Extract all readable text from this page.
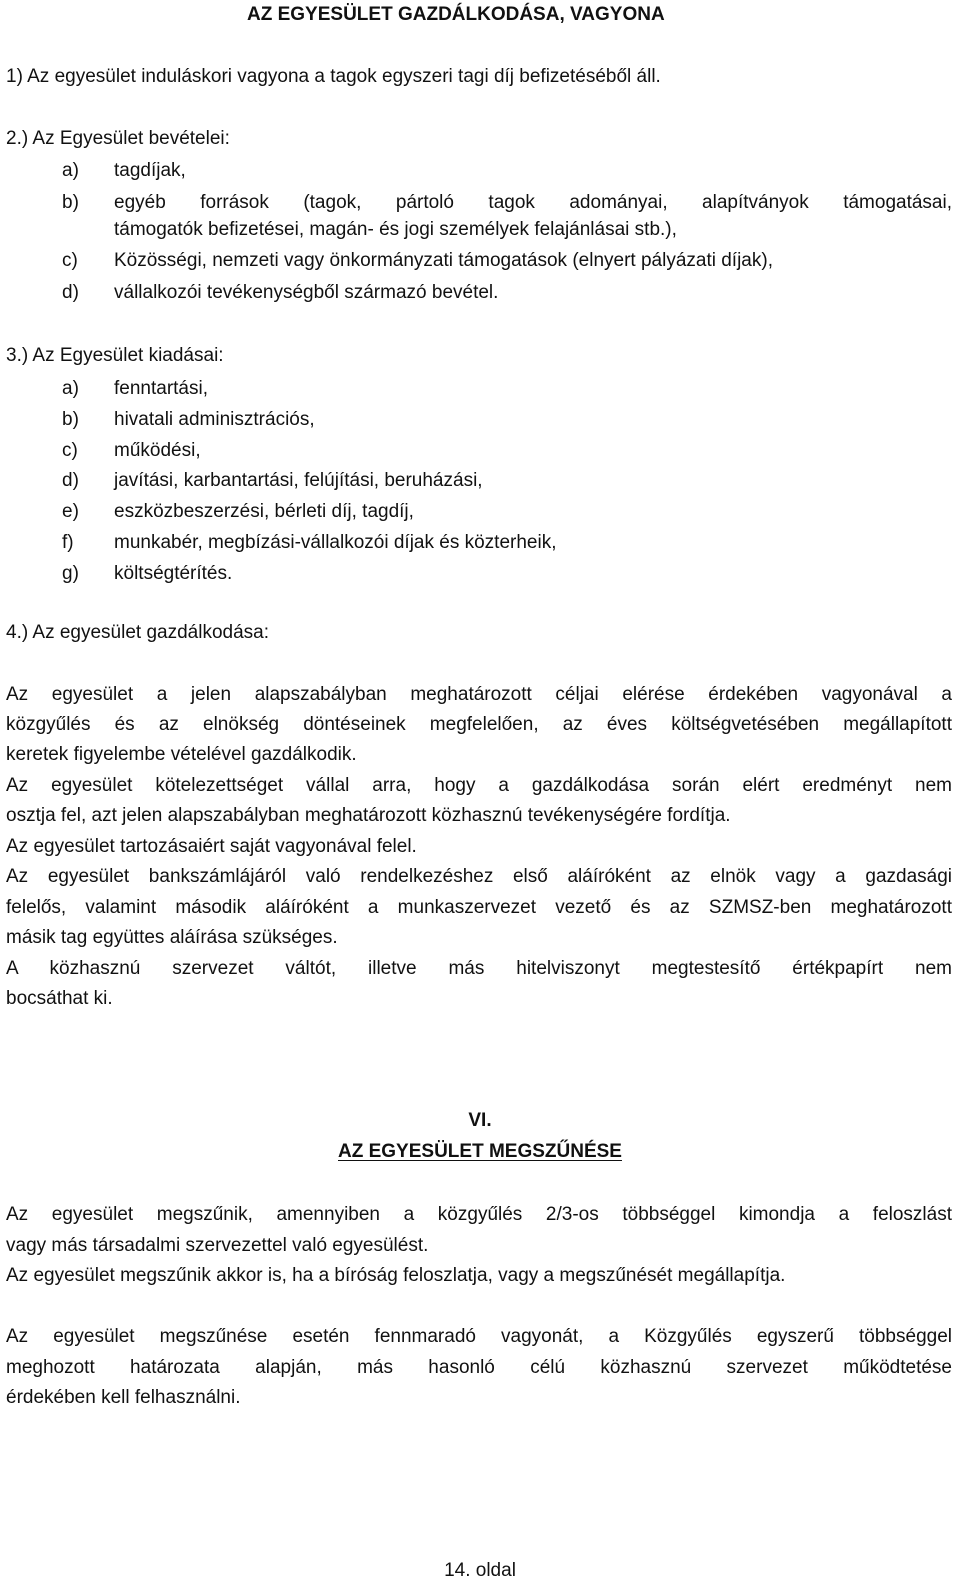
AZ EGYESÜLET GAZDÁLKODÁSA, VAGYONA
1) Az egyesület induláskori vagyona a tagok egyszeri tagi díj befizetéséből áll.
2.) Az Egyesület bevételei:
a) tagdíjak,
b) egyéb források (tagok, pártoló tagok adományai, alapítványok támogatásai,
támogatók befizetései, magán- és jogi személyek felajánlásai stb.),
c) Közösségi, nemzeti vagy önkormányzati támogatások (elnyert pályázati díjak),
d) vállalkozói tevékenységből származó bevétel.
3.) Az Egyesület kiadásai:
a) fenntartási,
b) hivatali adminisztrációs,
c) működési,
d) javítási, karbantartási, felújítási, beruházási,
e) eszközbeszerzési, bérleti díj, tagdíj,
f) munkabér, megbízási-vállalkozói díjak és közterheik,
g) költségtérítés.
4.) Az egyesület gazdálkodása:
Az egyesület a jelen alapszabályban meghatározott céljai elérése érdekében vagyonával a
közgyűlés és az elnökség döntéseinek megfelelően, az éves költségvetésében megállapított
keretek figyelembe vételével gazdálkodik.
Az egyesület kötelezettséget vállal arra, hogy a gazdálkodása során elért eredményt nem
osztja fel, azt jelen alapszabályban meghatározott közhasznú tevékenységére fordítja.
Az egyesület tartozásaiért saját vagyonával felel.
Az egyesület bankszámlájáról való rendelkezéshez első aláíróként az elnök vagy a gazdasági
felelős, valamint második aláíróként a munkaszervezet vezető és az SZMSZ-ben meghatározott
másik tag együttes aláírása szükséges.
A közhasznú szervezet váltót, illetve más hitelviszonyt megtestesítő értékpapírt nem
bocsáthat ki.
VI.
AZ EGYESÜLET MEGSZŰNÉSE
Az egyesület megszűnik, amennyiben a közgyűlés 2/3-os többséggel kimondja a feloszlást
vagy más társadalmi szervezettel való egyesülést.
Az egyesület megszűnik akkor is, ha a bíróság feloszlatja, vagy a megszűnését megállapítja.
Az egyesület megszűnése esetén fennmaradó vagyonát, a Közgyűlés egyszerű többséggel
meghozott határozata alapján, más hasonló célú közhasznú szervezet működtetése
érdekében kell felhasználni.
14. oldal
